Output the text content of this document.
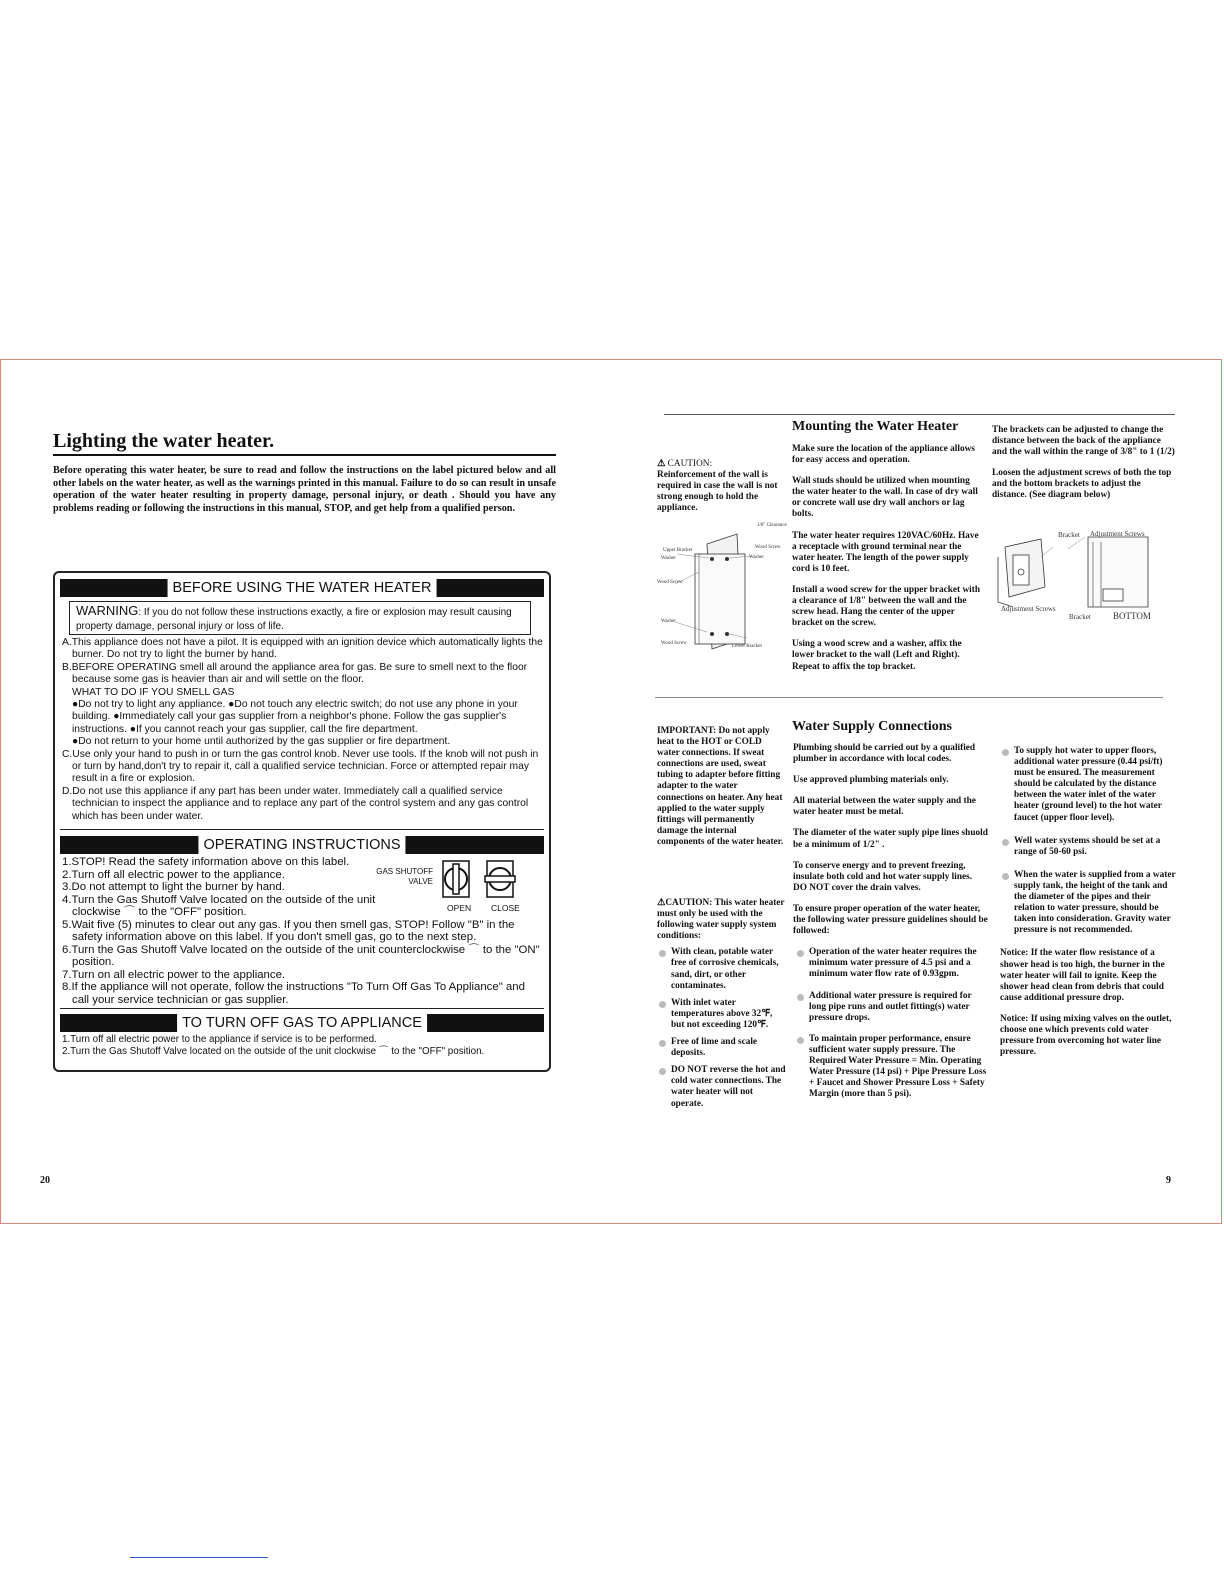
Lighting the water heater.
Before operating this water heater, be sure to read and follow the instructions on the label pictured below and all other labels on the water heater, as well as the warnings printed in this manual. Failure to do so can result in unsafe operation of the water heater resulting in property damage, personal injury, or death . Should you have any problems reading or following the instructions in this manual, STOP, and get help from a qualified person.
BEFORE USING THE WATER HEATER
WARNING: If you do not follow these instructions exactly, a fire or explosion may result causing property damage, personal injury or loss of life.

A.This appliance does not have a pilot. It is equipped with an ignition device which automatically lights the burner. Do not try to light the burner by hand.

B.BEFORE OPERATING smell all around the appliance area for gas. Be sure to smell next to the floor because some gas is heavier than air and will settle on the floor.

WHAT TO DO IF YOU SMELL GAS

●Do not try to light any appliance. ●Do not touch any electric switch; do not use any phone in your building. ●Immediately call your gas supplier from a neighbor's phone. Follow the gas supplier's instructions. ●If you cannot reach your gas supplier, call the fire department.

●Do not return to your home until authorized by the gas supplier or fire department.

C.Use only your hand to push in or turn the gas control knob. Never use tools. If the knob will not push in or turn by hand,don't try to repair it, call a qualified service technician. Force or attempted repair may result in a fire or explosion.

D.Do not use this appliance if any part has been under water. Immediately call a qualified service technician to inspect the appliance and to replace any part of the control system and any gas control which has been under water.

OPERATING INSTRUCTIONS

1.STOP! Read the safety information above on this label.

2.Turn off all electric power to the appliance.

3.Do not attempt to light the burner by hand.

4.Turn the Gas Shutoff Valve located on the outside of the unit clockwise ⌒ to the "OFF" position.

5.Wait five (5) minutes to clear out any gas. If you then smell gas, STOP! Follow "B" in the safety information above on this label. If you don't smell gas, go to the next step.

6.Turn the Gas Shutoff Valve located on the outside of the unit counterclockwise ⌒ to the "ON" position.

7.Turn on all electric power to the appliance.

8.If the appliance will not operate, follow the instructions "To Turn Off Gas To Appliance" and call your service technician or gas supplier.

GAS SHUTOFF
VALVE
OPEN CLOSE
TO TURN OFF GAS TO APPLIANCE

1.Turn off all electric power to the appliance if service is to be performed.

2.Turn the Gas Shutoff Valve located on the outside of the unit clockwise ⌒ to the "OFF" position.

20
Mounting the Water Heater
⚠ CAUTION:
Reinforcement of the wall is required in case the wall is not strong enough to hold the appliance.

Make sure the location of the appliance allows for easy access and operation.

Wall studs should be utilized when mounting the water heater to the wall. In case of dry wall or concrete wall use dry wall anchors or lag bolts.

The water heater requires 120VAC/60Hz. Have a receptacle with ground terminal near the water heater. The length of the power supply cord is 10 feet.

Install a wood screw for the upper bracket with a clearance of 1/8" between the wall and the screw head. Hang the center of the upper bracket on the screw.

Using a wood screw and a washer, affix the lower bracket to the wall (Left and Right). Repeat to affix the top bracket.

1/8" Clearance
Wood Screw
Upper Bracket
Washer	Washer
Wood Screw
Washer
Wood Screw
Lower Bracket

The brackets can be adjusted to change the distance between the back of the appliance and the wall within the range of 3/8" to 1 (1/2)

Loosen the adjustment screws of both the top and the bottom brackets to adjust the distance. (See diagram below)

Bracket Adjustment Screws
Adjustment Screws
Bracket BOTTOM
IMPORTANT: Do not apply heat to the HOT or COLD water connections. If sweat connections are used, sweat tubing to adapter before fitting adapter to the water connections on heater. Any heat applied to the water supply fittings will permanently damage the internal components of the water heater.
⚠CAUTION: This water heater must only be used with the following water supply system conditions:
With clean, potable water free of corrosive chemicals, sand, dirt, or other contaminates.
With inlet water temperatures above 32℉, but not exceeding 120℉.
Free of lime and scale deposits.
DO NOT reverse the hot and cold water connections. The water heater will not operate.
Water Supply Connections

Plumbing should be carried out by a qualified plumber in accordance with local codes.

Use approved plumbing materials only.

All material between the water supply and the water heater must be metal.

The diameter of the water suply pipe lines shuold be a minimum of 1/2" .

To conserve energy and to prevent freezing, insulate both cold and hot water supply lines. DO NOT cover the drain valves.

To ensure proper operation of the water heater, the following water pressure guidelines should be followed:

Operation of the water heater requires the minimum water pressure of 4.5 psi and a minimum water flow rate of 0.93gpm.
Additional water pressure is required for long pipe runs and outlet fitting(s) water pressure drops.
To maintain proper performance, ensure sufficient water supply pressure. The Required Water Pressure = Min. Operating Water Pressure (14 psi) + Pipe Pressure Loss + Faucet and Shower Pressure Loss + Safety Margin (more than 5 psi).
To supply hot water to upper floors, additional water pressure (0.44 psi/ft) must be ensured. The measurement should be calculated by the distance between the water inlet of the water heater (ground level) to the hot water faucet (upper floor level).
Well water systems should be set at a range of 50-60 psi.
When the water is supplied from a water supply tank, the height of the tank and the diameter of the pipes and their relation to water pressure, should be taken into consideration. Gravity water pressure is not recommended.

Notice: If the water flow resistance of a shower head is too high, the burner in the water heater will fail to ignite. Keep the shower head clean from debris that could cause additional pressure drop.

Notice: If using mixing valves on the outlet, choose one which prevents cold water pressure from overcoming hot water line pressure.

9
